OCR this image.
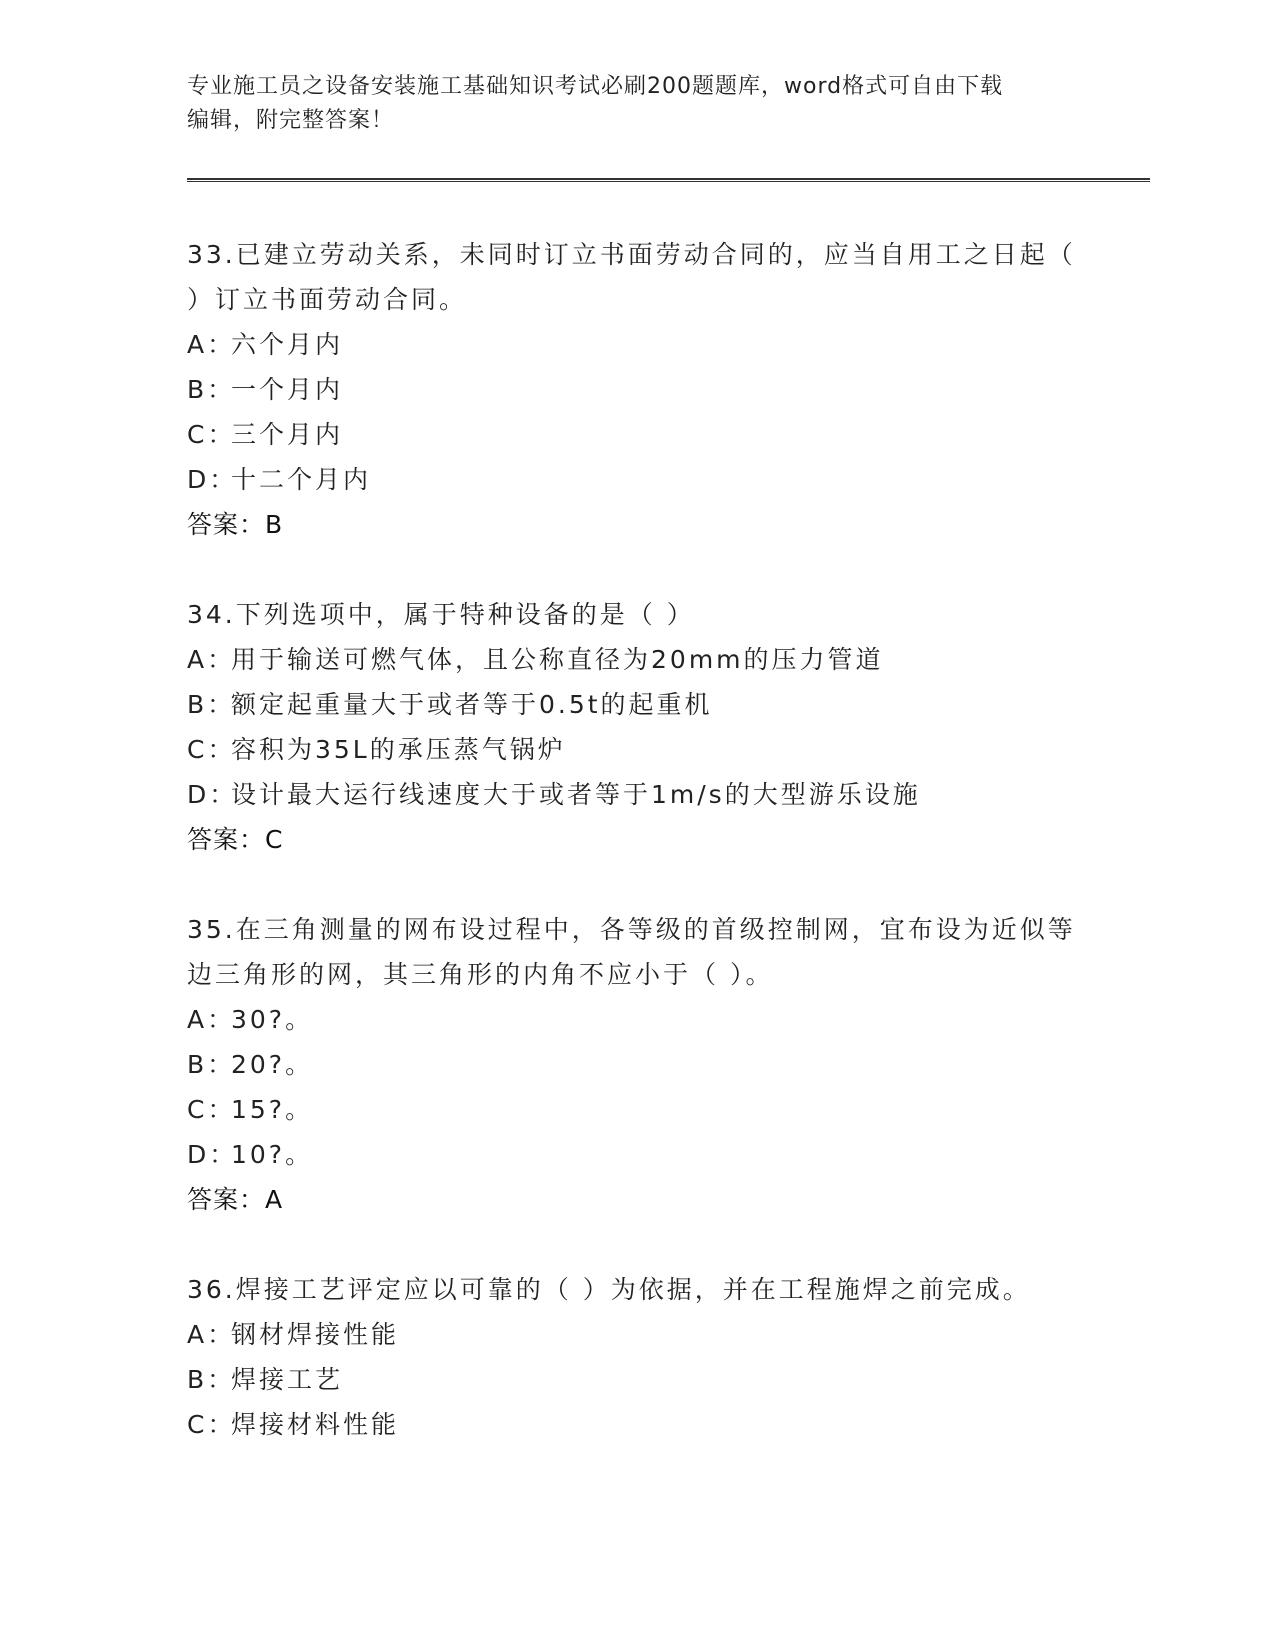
专业施工员之设备安装施工基础知识考试必刷200题题库，word格式可自由下载
编辑，附完整答案！
33.已建立劳动关系，未同时订立书面劳动合同的，应当自用工之日起（ ）订立书面劳动合同。
A：六个月内
B：一个月内
C：三个月内
D：十二个月内
答案：B
34.下列选项中，属于特种设备的是（ ）
A：用于输送可燃气体，且公称直径为20mm的压力管道
B：额定起重量大于或者等于0.5t的起重机
C：容积为35L的承压蒸气锅炉
D：设计最大运行线速度大于或者等于1m/s的大型游乐设施
答案：C
35.在三角测量的网布设过程中，各等级的首级控制网，宜布设为近似等边三角形的网，其三角形的内角不应小于（ ）。
A：30?。
B：20?。
C：15?。
D：10?。
答案：A
36.焊接工艺评定应以可靠的（ ）为依据，并在工程施焊之前完成。
A：钢材焊接性能
B：焊接工艺
C：焊接材料性能
